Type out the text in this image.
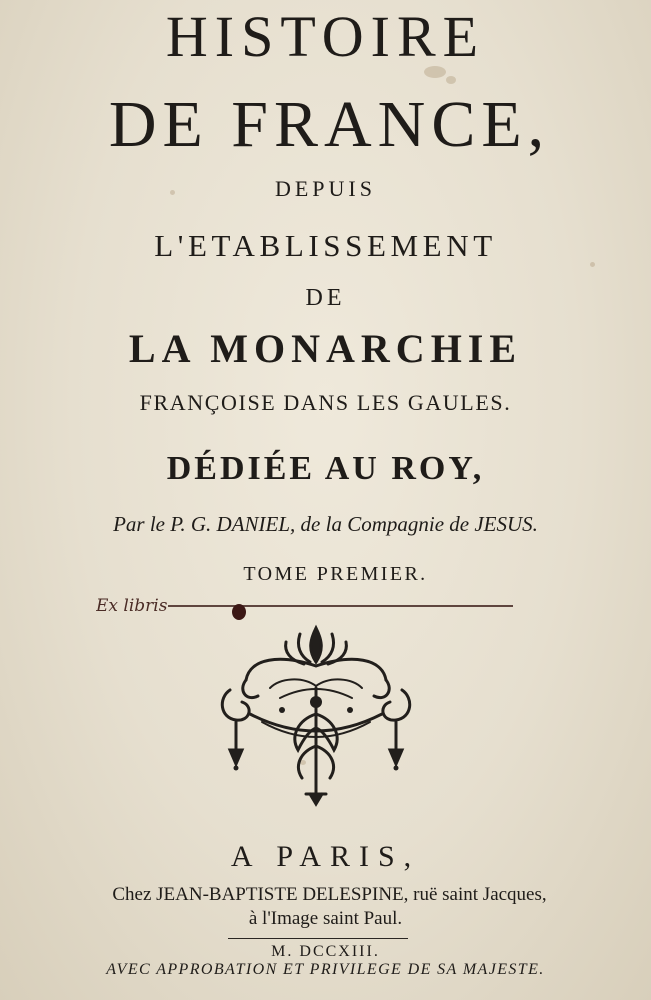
HISTOIRE
DE FRANCE,
DEPUIS
L'ETABLISSEMENT
DE
LA MONARCHIE
FRANÇOISE DANS LES GAULES.
DÉDIÉE AU ROY,
Par le P. G. DANIEL, de la Compagnie de JESUS.
TOME PREMIER.
Ex libris
A PARIS,
Chez JEAN-BAPTISTE DELESPINE, ruë saint Jacques,
à l'Image saint Paul.
M. DCCXIII.
AVEC APPROBATION ET PRIVILEGE DE SA MAJESTE.
